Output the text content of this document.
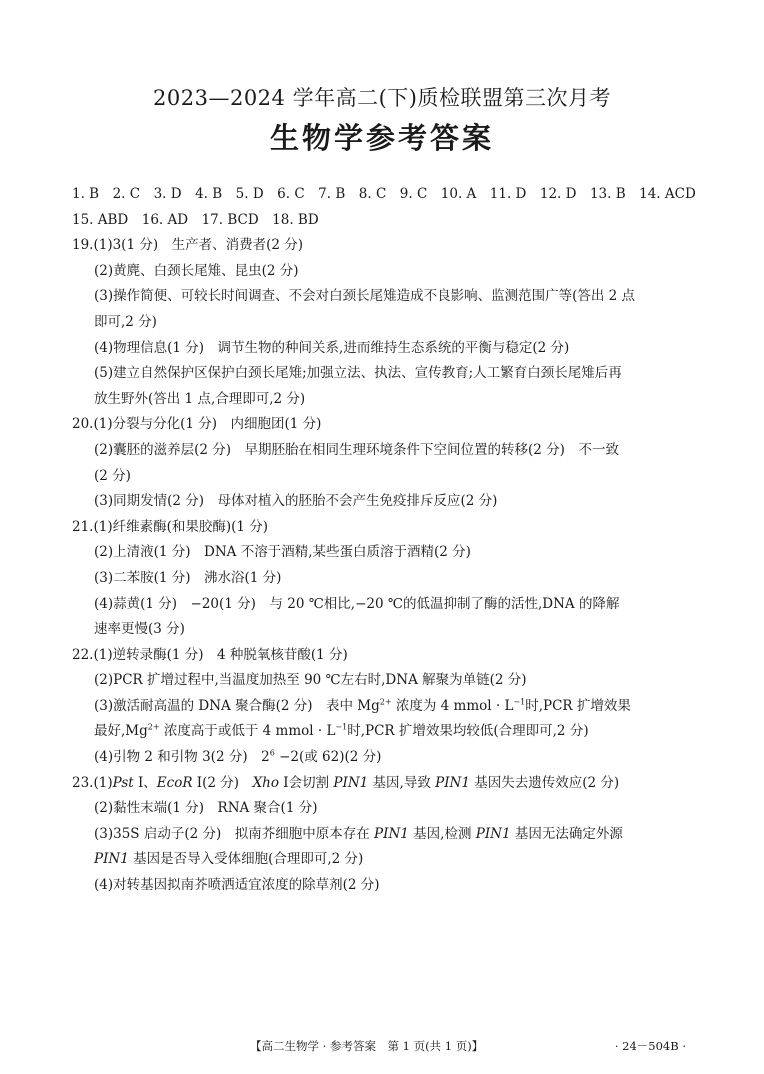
2023—2024 学年高二(下)质检联盟第三次月考
生物学参考答案
1. B　2. C　3. D　4. B　5. D　6. C　7. B　8. C　9. C　10. A　11. D　12. D　13. B　14. ACD
15. ABD　16. AD　17. BCD　18. BD
19.(1)3(1 分)　生产者、消费者(2 分)
(2)黄麂、白颈长尾雉、昆虫(2 分)
(3)操作简便、可较长时间调查、不会对白颈长尾雉造成不良影响、监测范围广等(答出 2 点
即可,2 分)
(4)物理信息(1 分)　调节生物的种间关系,进而维持生态系统的平衡与稳定(2 分)
(5)建立自然保护区保护白颈长尾雉;加强立法、执法、宣传教育;人工繁育白颈长尾雉后再
放生野外(答出 1 点,合理即可,2 分)
20.(1)分裂与分化(1 分)　内细胞团(1 分)
(2)囊胚的滋养层(2 分)　早期胚胎在相同生理环境条件下空间位置的转移(2 分)　不一致
(2 分)
(3)同期发情(2 分)　母体对植入的胚胎不会产生免疫排斥反应(2 分)
21.(1)纤维素酶(和果胶酶)(1 分)
(2)上清液(1 分)　DNA 不溶于酒精,某些蛋白质溶于酒精(2 分)
(3)二苯胺(1 分)　沸水浴(1 分)
(4)蒜黄(1 分)　−20(1 分)　与 20 ℃相比,−20 ℃的低温抑制了酶的活性,DNA 的降解
速率更慢(3 分)
22.(1)逆转录酶(1 分)　4 种脱氧核苷酸(1 分)
(2)PCR 扩增过程中,当温度加热至 90 ℃左右时,DNA 解聚为单链(2 分)
(3)激活耐高温的 DNA 聚合酶(2 分)　表中 $Mg^{2+}$ 浓度为 4 mmol · $L^{-1}$时,PCR 扩增效果
最好$,Mg^{2+}$ 浓度高于或低于 4 mmol · $L^{-1}$时,PCR 扩增效果均较低(合理即可,2 分)
(4)引物 2 和引物 3(2 分)　$2^6 -2$(或 62)(2 分)
23.(1)Pst Ⅰ、EcoR Ⅰ(2 分)　Xho Ⅰ会切割 PIN1 基因,导致 PIN1 基因失去遗传效应(2 分)
(2)黏性末端(1 分)　RNA 聚合(1 分)
(3)35S 启动子(2 分)　拟南芥细胞中原本存在 PIN1 基因,检测 PIN1 基因无法确定外源
PIN1 基因是否导入受体细胞(合理即可,2 分)
(4)对转基因拟南芥喷洒适宜浓度的除草剂(2 分)
【高二生物学 · 参考答案　第 1 页(共 1 页)】	· 24－504B ·
